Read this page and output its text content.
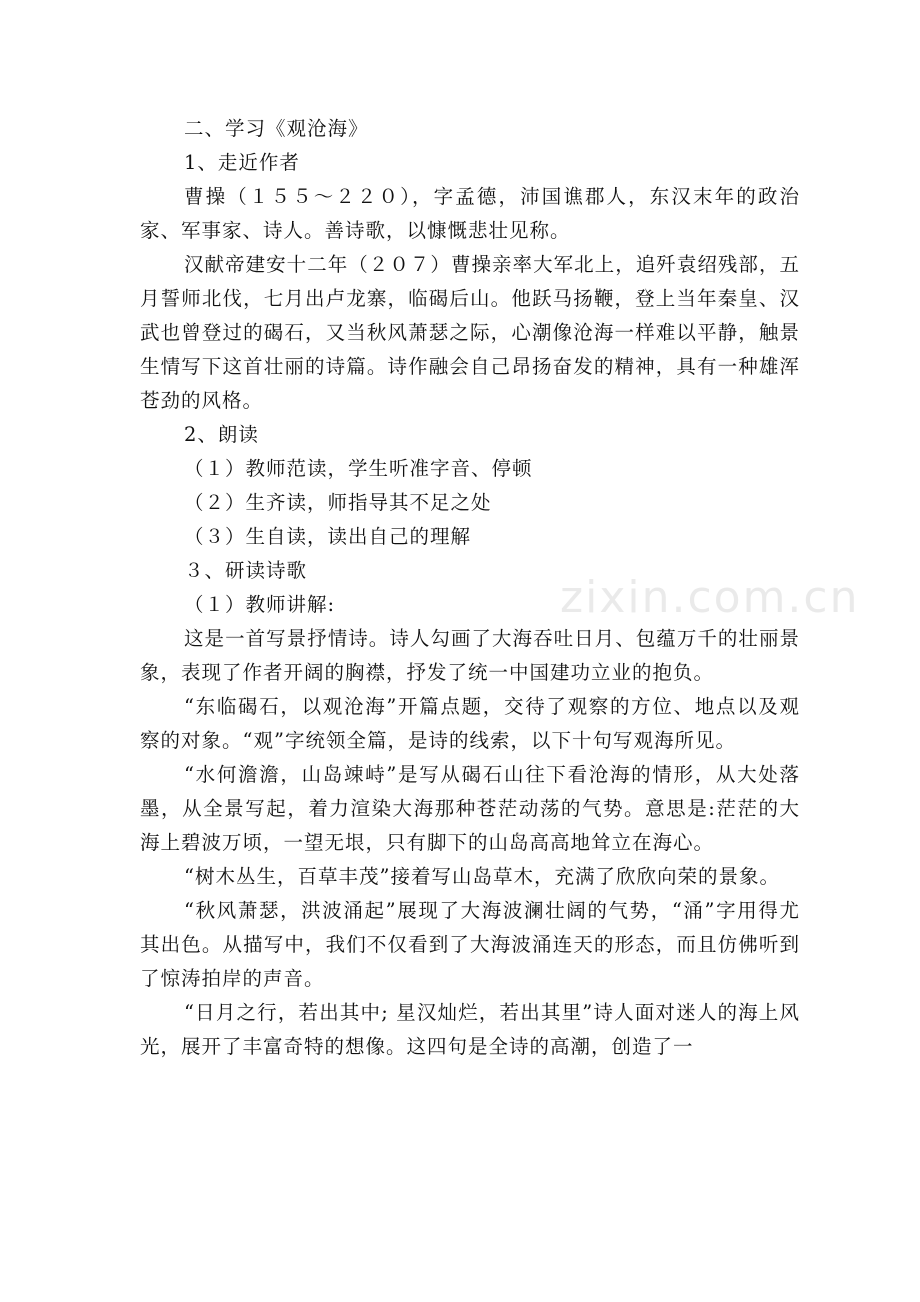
二、学习《观沧海》

1、走近作者

曹操（１５５～２２０），字孟德，沛国谯郡人，东汉末年的政治家、军事家、诗人。善诗歌，以慷慨悲壮见称。

汉献帝建安十二年（２０７）曹操亲率大军北上，追歼袁绍残部，五月誓师北伐，七月出卢龙寨，临碣后山。他跃马扬鞭，登上当年秦皇、汉武也曾登过的碣石，又当秋风萧瑟之际，心潮像沧海一样难以平静，触景生情写下这首壮丽的诗篇。诗作融会自己昂扬奋发的精神，具有一种雄浑苍劲的风格。

2、朗读

（１）教师范读，学生听准字音、停顿

（２）生齐读，师指导其不足之处

（３）生自读，读出自己的理解

３、研读诗歌

（１）教师讲解:

这是一首写景抒情诗。诗人勾画了大海吞吐日月、包蕴万千的壮丽景象，表现了作者开阔的胸襟，抒发了统一中国建功立业的抱负。

“东临碣石，以观沧海”开篇点题，交待了观察的方位、地点以及观察的对象。“观”字统领全篇，是诗的线索，以下十句写观海所见。

“水何澹澹，山岛竦峙”是写从碣石山往下看沧海的情形，从大处落墨，从全景写起，着力渲染大海那种苍茫动荡的气势。意思是:茫茫的大海上碧波万顷，一望无垠，只有脚下的山岛高高地耸立在海心。

“树木丛生，百草丰茂”接着写山岛草木，充满了欣欣向荣的景象。

“秋风萧瑟，洪波涌起”展现了大海波澜壮阔的气势，“涌”字用得尤其出色。从描写中，我们不仅看到了大海波涌连天的形态，而且仿佛听到了惊涛拍岸的声音。

“日月之行，若出其中; 星汉灿烂，若出其里”诗人面对迷人的海上风光，展开了丰富奇特的想像。这四句是全诗的高潮，创造了一

zixin.com.cn
